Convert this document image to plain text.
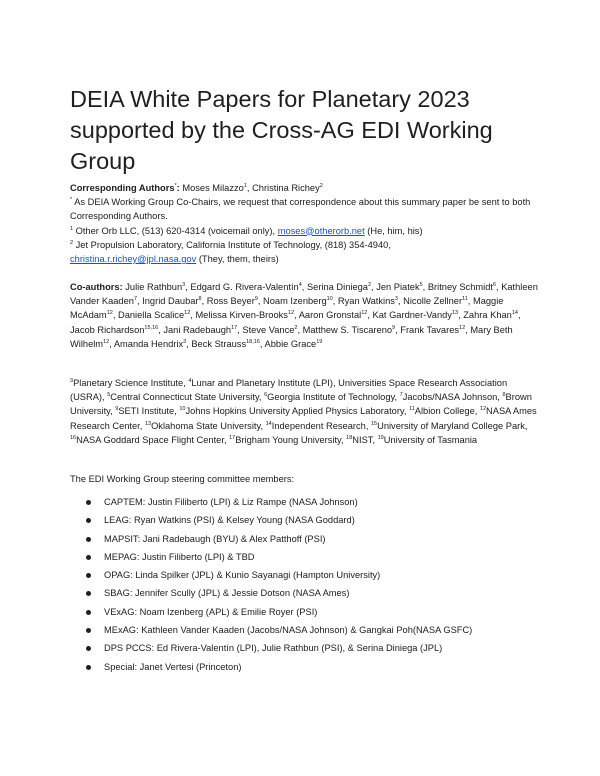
DEIA White Papers for Planetary 2023 supported by the Cross-AG EDI Working Group
Corresponding Authors*: Moses Milazzo$^1$, Christina Richey$^2$
* As DEIA Working Group Co-Chairs, we request that correspondence about this summary paper be sent to both Corresponding Authors.
$^1$ Other Orb LLC, (513) 620-4314 (voicemail only), moses@otherorb.net (He, him, his)
$^2$ Jet Propulsion Laboratory, California Institute of Technology, (818) 354-4940,
christina.r.richey@jpl.nasa.gov (They, them, theirs)
Co-authors: Julie Rathbun$^3$, Edgard G. Rivera-Valentín$^4$, Serina Diniega$^2$, Jen Piatek$^5$, Britney Schmidt$^6$, Kathleen Vander Kaaden$^7$, Ingrid Daubar$^8$, Ross Beyer$^9$, Noam Izenberg$^{10}$, Ryan Watkins$^3$, Nicolle Zellner$^{11}$, Maggie McAdam$^{12}$, Daniella Scalice$^{12}$, Melissa Kirven-Brooks$^{12}$, Aaron Gronstal$^{12}$, Kat Gardner-Vandy$^{13}$, Zahra Khan$^{14}$, Jacob Richardson$^{15,16}$, Jani Radebaugh$^{17}$, Steve Vance$^2$, Matthew S. Tiscareno$^9$, Frank Tavares$^{12}$, Mary Beth Wilhelm$^{12}$, Amanda Hendrix$^3$, Beck Strauss$^{18,16}$, Abbie Grace$^{19}$
$^3$Planetary Science Institute, $^4$Lunar and Planetary Institute (LPI), Universities Space Research Association (USRA), $^5$Central Connecticut State University, $^6$Georgia Institute of Technology, $^7$Jacobs/NASA Johnson, $^8$Brown University, $^9$SETI Institute, $^{10}$Johns Hopkins University Applied Physics Laboratory, $^{11}$Albion College, $^{12}$NASA Ames Research Center, $^{13}$Oklahoma State University, $^{14}$Independent Research, $^{15}$University of Maryland College Park, $^{16}$NASA Goddard Space Flight Center, $^{17}$Brigham Young University, $^{18}$NIST, $^{19}$University of Tasmania
The EDI Working Group steering committee members:
CAPTEM: Justin Filiberto (LPI) & Liz Rampe (NASA Johnson)
LEAG: Ryan Watkins (PSI) & Kelsey Young (NASA Goddard)
MAPSIT: Jani Radebaugh (BYU) & Alex Patthoff (PSI)
MEPAG: Justin Filiberto (LPI) & TBD
OPAG: Linda Spilker (JPL) & Kunio Sayanagi (Hampton University)
SBAG: Jennifer Scully (JPL) & Jessie Dotson (NASA Ames)
VExAG: Noam Izenberg (APL) & Emilie Royer (PSI)
MExAG: Kathleen Vander Kaaden (Jacobs/NASA Johnson) & Gangkai Poh(NASA GSFC)
DPS PCCS: Ed Rivera-Valentín (LPI), Julie Rathbun (PSI), & Serina Diniega (JPL)
Special: Janet Vertesi (Princeton)
